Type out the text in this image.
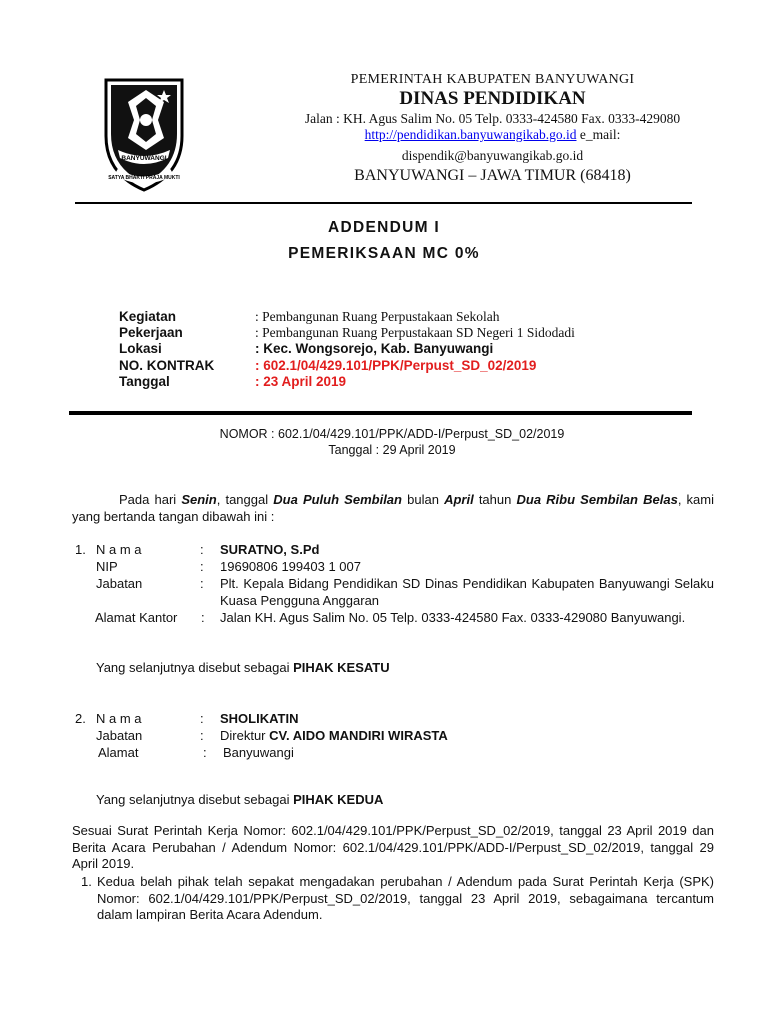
BANYUWANGI
SATYA BHAKTI PRAJA MUKTI
PEMERINTAH KABUPATEN BANYUWANGI
DINAS PENDIDIKAN
Jalan : KH. Agus Salim No. 05 Telp. 0333-424580 Fax. 0333-429080
http://pendidikan.banyuwangikab.go.id e_mail:
dispendik@banyuwangikab.go.id
BANYUWANGI – JAWA TIMUR (68418)
ADDENDUM I
PEMERIKSAAN MC 0%
Kegiatan	: Pembangunan Ruang Perpustakaan Sekolah
Pekerjaan	: Pembangunan Ruang Perpustakaan SD Negeri 1 Sidodadi
Lokasi	: Kec. Wongsorejo, Kab. Banyuwangi
NO. KONTRAK	: 602.1/04/429.101/PPK/Perpust_SD_02/2019
Tanggal	: 23 April 2019
NOMOR : 602.1/04/429.101/PPK/ADD-I/Perpust_SD_02/2019
Tanggal : 29 April 2019
Pada hari Senin, tanggal Dua Puluh Sembilan bulan April tahun Dua Ribu Sembilan Belas, kami yang bertanda tangan dibawah ini :
1. N a m a	: SURATNO, S.Pd
NIP	: 19690806 199403 1 007
Jabatan	: Plt. Kepala Bidang Pendidikan SD Dinas Pendidikan Kabupaten Banyuwangi Selaku Kuasa Pengguna Anggaran
Alamat Kantor : Jalan KH. Agus Salim No. 05 Telp. 0333-424580 Fax. 0333-429080 Banyuwangi.
Yang selanjutnya disebut sebagai PIHAK KESATU
2. N a m a	: SHOLIKATIN
Jabatan	: Direktur CV. AIDO MANDIRI WIRASTA
Alamat	: Banyuwangi
Yang selanjutnya disebut sebagai PIHAK KEDUA
Sesuai Surat Perintah Kerja Nomor: 602.1/04/429.101/PPK/Perpust_SD_02/2019, tanggal 23 April 2019 dan Berita Acara Perubahan / Adendum Nomor: 602.1/04/429.101/PPK/ADD-I/Perpust_SD_02/2019, tanggal 29 April 2019.
1. Kedua belah pihak telah sepakat mengadakan perubahan / Adendum pada Surat Perintah Kerja (SPK) Nomor: 602.1/04/429.101/PPK/Perpust_SD_02/2019, tanggal 23 April 2019, sebagaimana tercantum dalam lampiran Berita Acara Adendum.
